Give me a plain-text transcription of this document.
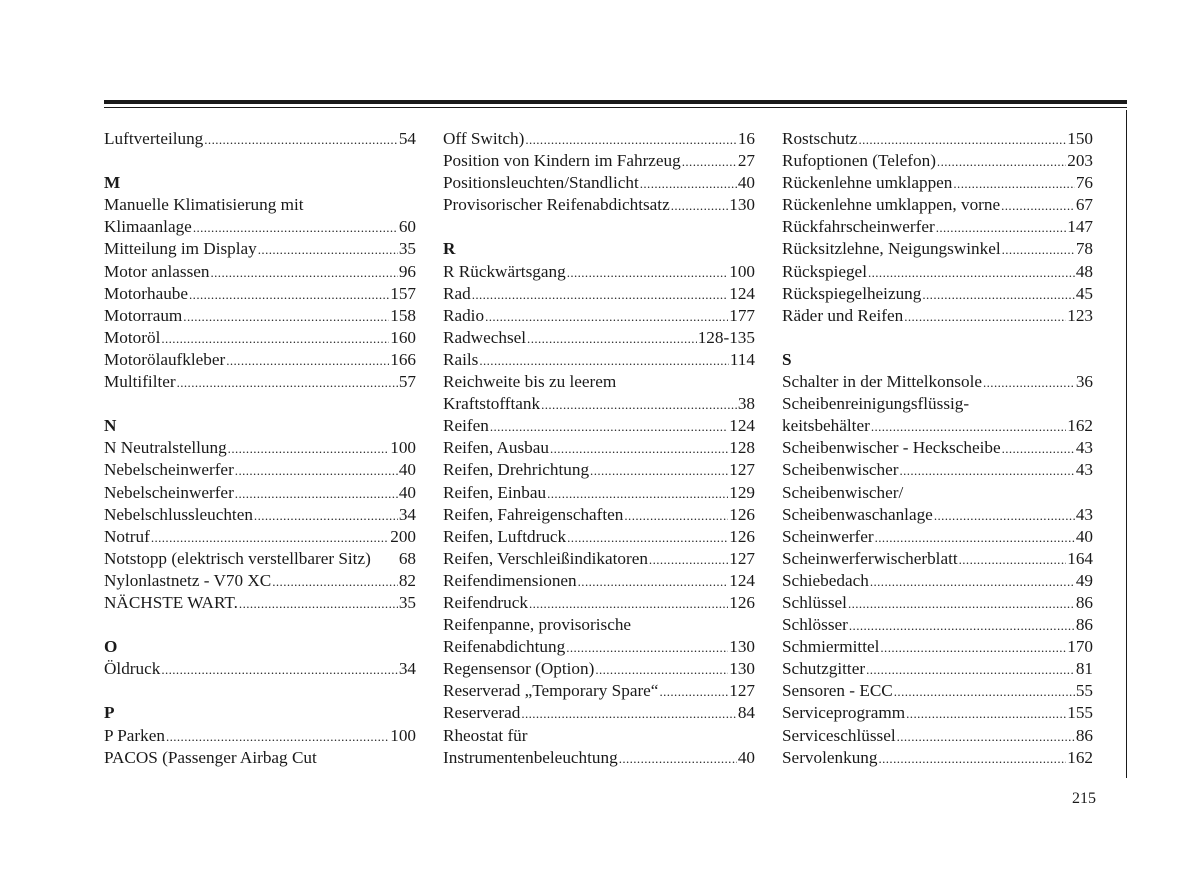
Luftverteilung .....	54
M
Manuelle Klimatisierung mit
Klimaanlage .....	60
Mitteilung im Display .....	35
Motor anlassen .....	96
Motorhaube .....	157
Motorraum .....	158
Motoröl .....	160
Motorölaufkleber .....	166
Multifilter .....	57
N
N Neutralstellung .....	100
Nebelscheinwerfer .....	40
Nebelscheinwerfer .....	40
Nebelschlussleuchten .....	34
Notruf .....	200
Notstopp (elektrisch verstellbarer Sitz) 68
Nylonlastnetz - V70 XC .....	82
NÄCHSTE WART. .....	35
O
Öldruck .....	34
P
P Parken .....	100
PACOS (Passenger Airbag Cut
Off Switch) .....	16
Position von Kindern im Fahrzeug .....	27
Positionsleuchten/Standlicht .....	40
Provisorischer Reifenabdichtsatz .....	130
R
R Rückwärtsgang .....	100
Rad .....	124
Radio .....	177
Radwechsel .....	128-135
Rails .....	114
Reichweite bis zu leerem
Kraftstofftank .....	38
Reifen .....	124
Reifen, Ausbau .....	128
Reifen, Drehrichtung .....	127
Reifen, Einbau .....	129
Reifen, Fahreigenschaften .....	126
Reifen, Luftdruck .....	126
Reifen, Verschleißindikatoren .....	127
Reifendimensionen .....	124
Reifendruck .....	126
Reifenpanne, provisorische
Reifenabdichtung .....	130
Regensensor (Option) .....	130
Reserverad „Temporary Spare“ .....	127
Reserverad .....	84
Rheostat für
Instrumentenbeleuchtung .....	40
Rostschutz .....	150
Rufoptionen (Telefon) .....	203
Rückenlehne umklappen .....	76
Rückenlehne umklappen, vorne .....	67
Rückfahrscheinwerfer .....	147
Rücksitzlehne, Neigungswinkel .....	78
Rückspiegel .....	48
Rückspiegelheizung .....	45
Räder und Reifen .....	123
S
Schalter in der Mittelkonsole .....	36
Scheibenreinigungsflüssig-
keitsbehälter .....	162
Scheibenwischer - Heckscheibe .....	43
Scheibenwischer .....	43
Scheibenwischer/
Scheibenwaschanlage .....	43
Scheinwerfer .....	40
Scheinwerferwischerblatt .....	164
Schiebedach .....	49
Schlüssel .....	86
Schlösser .....	86
Schmiermittel .....	170
Schutzgitter .....	81
Sensoren - ECC .....	55
Serviceprogramm .....	155
Serviceschlüssel .....	86
Servolenkung .....	162
215
